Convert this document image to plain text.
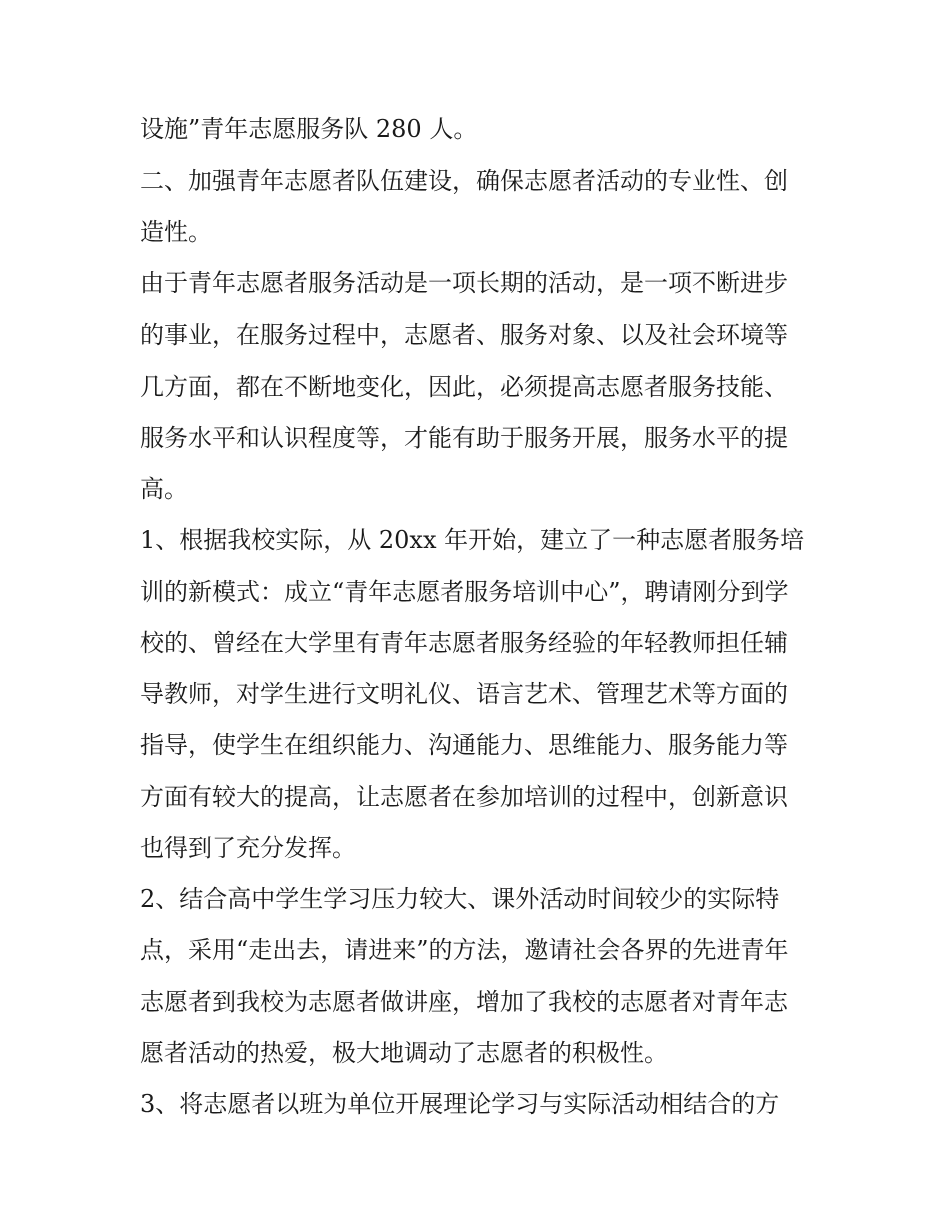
设施”青年志愿服务队 280 人。
二、加强青年志愿者队伍建设，确保志愿者活动的专业性、创
造性。
由于青年志愿者服务活动是一项长期的活动，是一项不断进步
的事业，在服务过程中，志愿者、服务对象、以及社会环境等
几方面，都在不断地变化，因此，必须提高志愿者服务技能、
服务水平和认识程度等，才能有助于服务开展，服务水平的提
高。
1、根据我校实际，从 20xx 年开始，建立了一种志愿者服务培
训的新模式：成立“青年志愿者服务培训中心”，聘请刚分到学
校的、曾经在大学里有青年志愿者服务经验的年轻教师担任辅
导教师，对学生进行文明礼仪、语言艺术、管理艺术等方面的
指导，使学生在组织能力、沟通能力、思维能力、服务能力等
方面有较大的提高，让志愿者在参加培训的过程中，创新意识
也得到了充分发挥。
2、结合高中学生学习压力较大、课外活动时间较少的实际特
点，采用“走出去，请进来”的方法，邀请社会各界的先进青年
志愿者到我校为志愿者做讲座，增加了我校的志愿者对青年志
愿者活动的热爱，极大地调动了志愿者的积极性。
3、将志愿者以班为单位开展理论学习与实际活动相结合的方
